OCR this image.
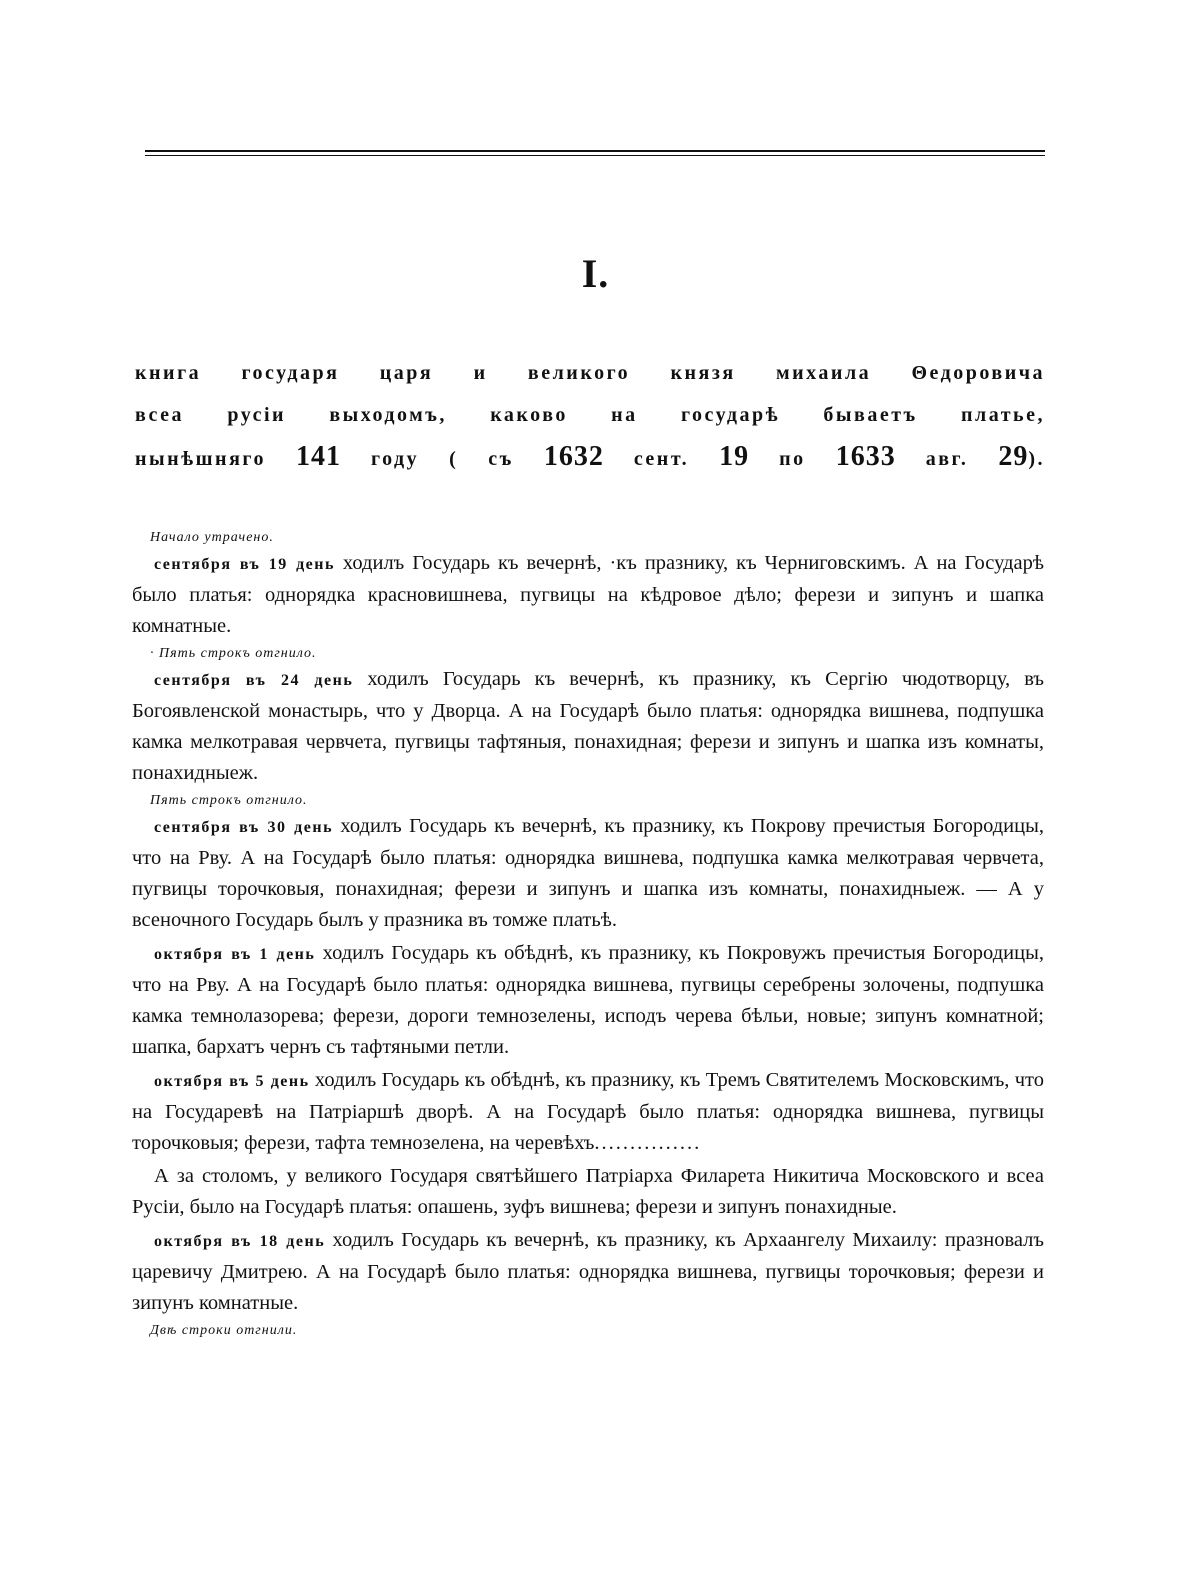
I.
книга государя царя и великого князя михаила Θедоровича
всеа русіи выходомъ, каково на государѣ бываетъ платье,
нынѣшняго 141 году ( съ 1632 сент. 19 по 1633 авг. 29).
Начало утрачено.

сентября въ 19 день ходилъ Государь къ вечернѣ, ·къ празнику, къ Черниговскимъ. А на Государѣ было платья: однорядка красновишнева, пугвицы на кѣдровое дѣло; ферези и зипунъ и шапка комнатные.

· Пять строкъ отгнило.

сентября въ 24 день ходилъ Государь къ вечернѣ, къ празнику, къ Сергію чюдотворцу, въ Богоявленской монастырь, что у Дворца. А на Государѣ было платья: однорядка вишнева, подпушка камка мелкотравая червчета, пугвицы тафтяныя, понахидная; ферези и зипунъ и шапка изъ комнаты, понахидныеж.

Пять строкъ отгнило.

сентября въ 30 день ходилъ Государь къ вечернѣ, къ празнику, къ Покрову пречистыя Богородицы, что на Рву. А на Государѣ было платья: однорядка вишнева, подпушка камка мелкотравая червчета, пугвицы торочковыя, понахидная; ферези и зипунъ и шапка изъ комнаты, понахидныеж. — А у всеночного Государь былъ у празника въ томже платьѣ.

октября въ 1 день ходилъ Государь къ обѣднѣ, къ празнику, къ Покровужъ пречистыя Богородицы, что на Рву. А на Государѣ было платья: однорядка вишнева, пугвицы серебрены золочены, подпушка камка темнолазорева; ферези, дороги темнозелены, исподъ черева бѣльи, новые; зипунъ комнатной; шапка, бархатъ чернъ съ тафтяными петли.

октября въ 5 день ходилъ Государь къ обѣднѣ, къ празнику, къ Тремъ Святителемъ Московскимъ, что на Государевѣ на Патріаршѣ дворѣ. А на Государѣ было платья: однорядка вишнева, пугвицы торочковыя; ферези, тафта темнозелена, на черевѣхъ...............

А за столомъ, у великого Государя святѣйшего Патріарха Филарета Никитича Московского и всеа Русіи, было на Государѣ платья: опашень, зуфъ вишнева; ферези и зипунъ понахидные.

октября въ 18 день ходилъ Государь къ вечернѣ, къ празнику, къ Архаангелу Михаилу: празновалъ царевичу Дмитрею. А на Государѣ было платья: однорядка вишнева, пугвицы торочковыя; ферези и зипунъ комнатные.

Двѣ строки отгнили.
